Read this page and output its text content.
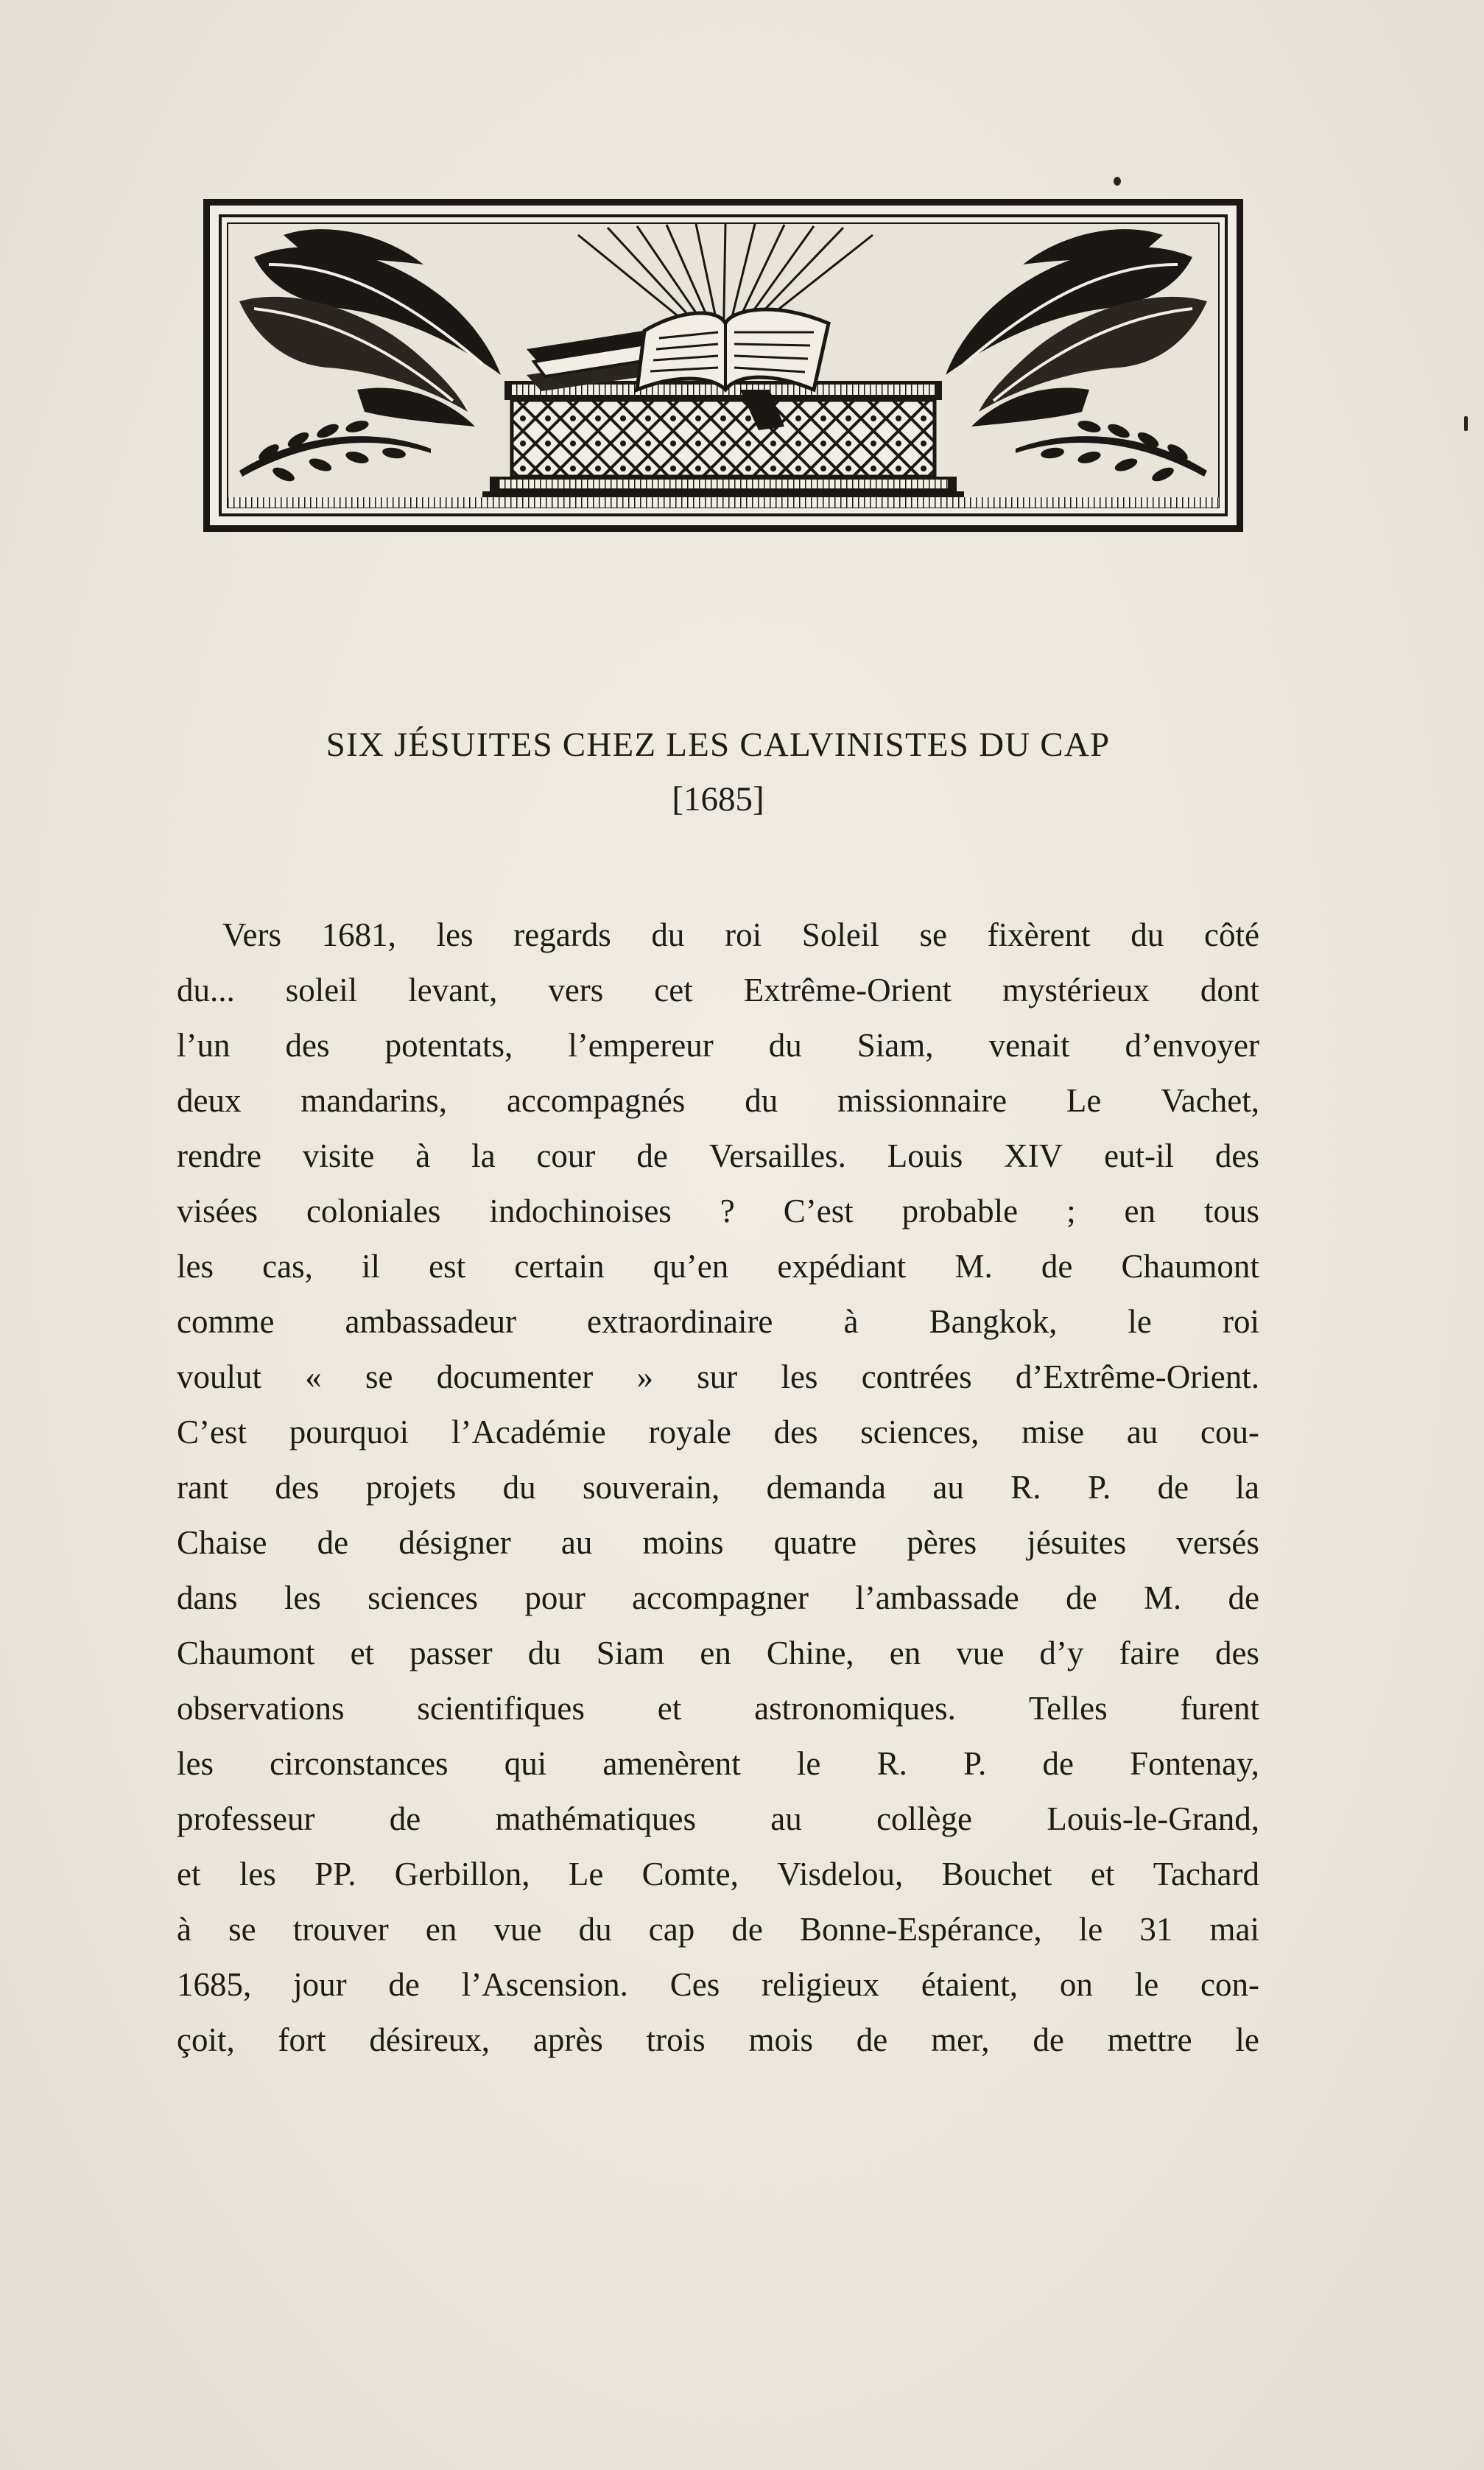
SIX JÉSUITES CHEZ LES CALVINISTES DU CAP

[1685]

Vers 1681, les regards du roi Soleil se fixèrent du côté
du... soleil levant, vers cet Extrême-Orient mystérieux dont
l’un des potentats, l’empereur du Siam, venait d’envoyer
deux mandarins, accompagnés du missionnaire Le Vachet,
rendre visite à la cour de Versailles. Louis XIV eut-il des
visées coloniales indochinoises ? C’est probable ; en tous
les cas, il est certain qu’en expédiant M. de Chaumont
comme ambassadeur extraordinaire à Bangkok, le roi
voulut « se documenter » sur les contrées d’Extrême-Orient.
C’est pourquoi l’Académie royale des sciences, mise au cou-
rant des projets du souverain, demanda au R. P. de la
Chaise de désigner au moins quatre pères jésuites versés
dans les sciences pour accompagner l’ambassade de M. de
Chaumont et passer du Siam en Chine, en vue d’y faire des
observations scientifiques et astronomiques. Telles furent
les circonstances qui amenèrent le R. P. de Fontenay,
professeur de mathématiques au collège Louis-le-Grand,
et les PP. Gerbillon, Le Comte, Visdelou, Bouchet et Tachard
à se trouver en vue du cap de Bonne-Espérance, le 31 mai
1685, jour de l’Ascension. Ces religieux étaient, on le con-
çoit, fort désireux, après trois mois de mer, de mettre le
